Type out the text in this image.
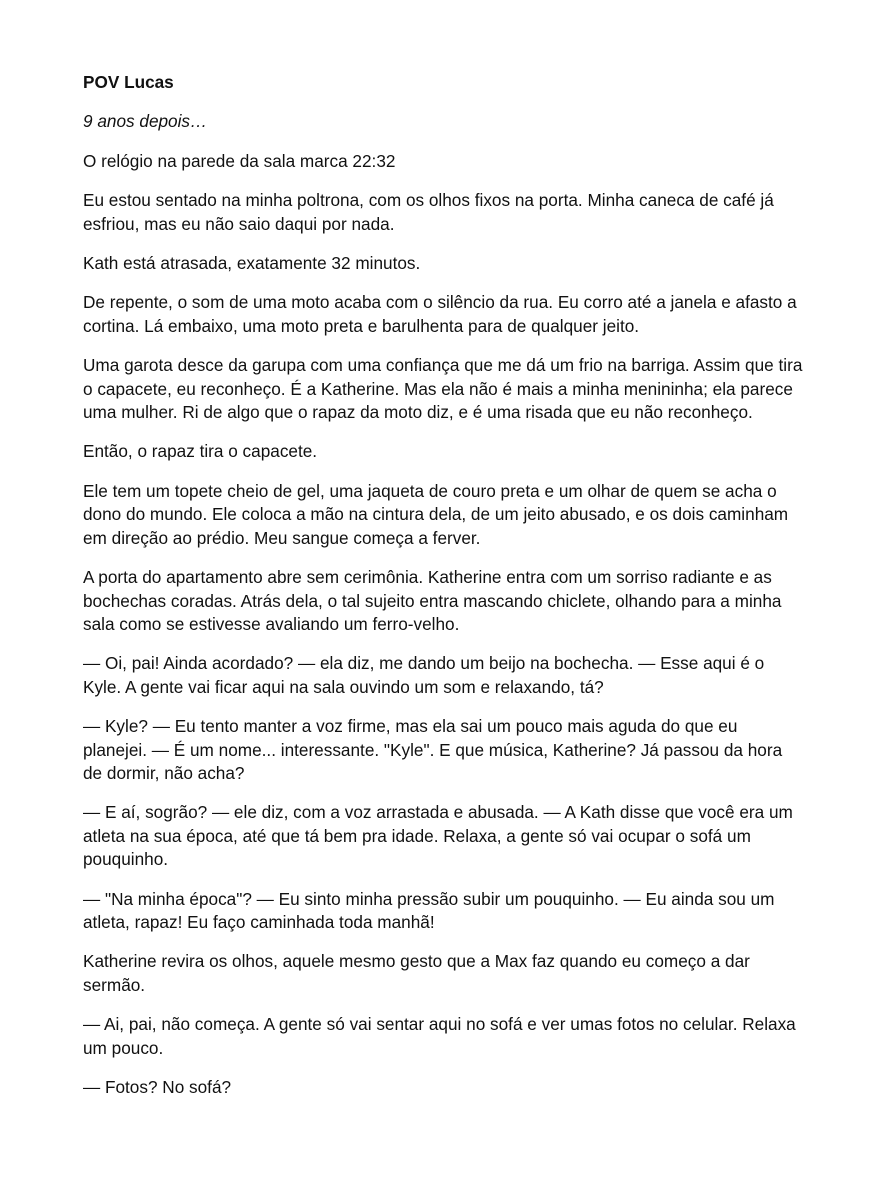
POV Lucas

9 anos depois…

O relógio na parede da sala marca 22:32

Eu estou sentado na minha poltrona, com os olhos fixos na porta. Minha caneca de café já esfriou, mas eu não saio daqui por nada.

Kath está atrasada, exatamente 32 minutos.

De repente, o som de uma moto acaba com o silêncio da rua. Eu corro até a janela e afasto a cortina. Lá embaixo, uma moto preta e barulhenta para de qualquer jeito.

Uma garota desce da garupa com uma confiança que me dá um frio na barriga. Assim que tira o capacete, eu reconheço. É a Katherine. Mas ela não é mais a minha menininha; ela parece uma mulher. Ri de algo que o rapaz da moto diz, e é uma risada que eu não reconheço.

Então, o rapaz tira o capacete.

Ele tem um topete cheio de gel, uma jaqueta de couro preta e um olhar de quem se acha o dono do mundo. Ele coloca a mão na cintura dela, de um jeito abusado, e os dois caminham em direção ao prédio. Meu sangue começa a ferver.

A porta do apartamento abre sem cerimônia. Katherine entra com um sorriso radiante e as bochechas coradas. Atrás dela, o tal sujeito entra mascando chiclete, olhando para a minha sala como se estivesse avaliando um ferro-velho.

— Oi, pai! Ainda acordado? — ela diz, me dando um beijo na bochecha. — Esse aqui é o Kyle. A gente vai ficar aqui na sala ouvindo um som e relaxando, tá?

— Kyle? — Eu tento manter a voz firme, mas ela sai um pouco mais aguda do que eu planejei. — É um nome... interessante. "Kyle". E que música, Katherine? Já passou da hora de dormir, não acha?

— E aí, sogrão? — ele diz, com a voz arrastada e abusada. — A Kath disse que você era um atleta na sua época, até que tá bem pra idade. Relaxa, a gente só vai ocupar o sofá um pouquinho.

— "Na minha época"? — Eu sinto minha pressão subir um pouquinho. — Eu ainda sou um atleta, rapaz! Eu faço caminhada toda manhã!

Katherine revira os olhos, aquele mesmo gesto que a Max faz quando eu começo a dar sermão.

— Ai, pai, não começa. A gente só vai sentar aqui no sofá e ver umas fotos no celular. Relaxa um pouco.

— Fotos? No sofá?
